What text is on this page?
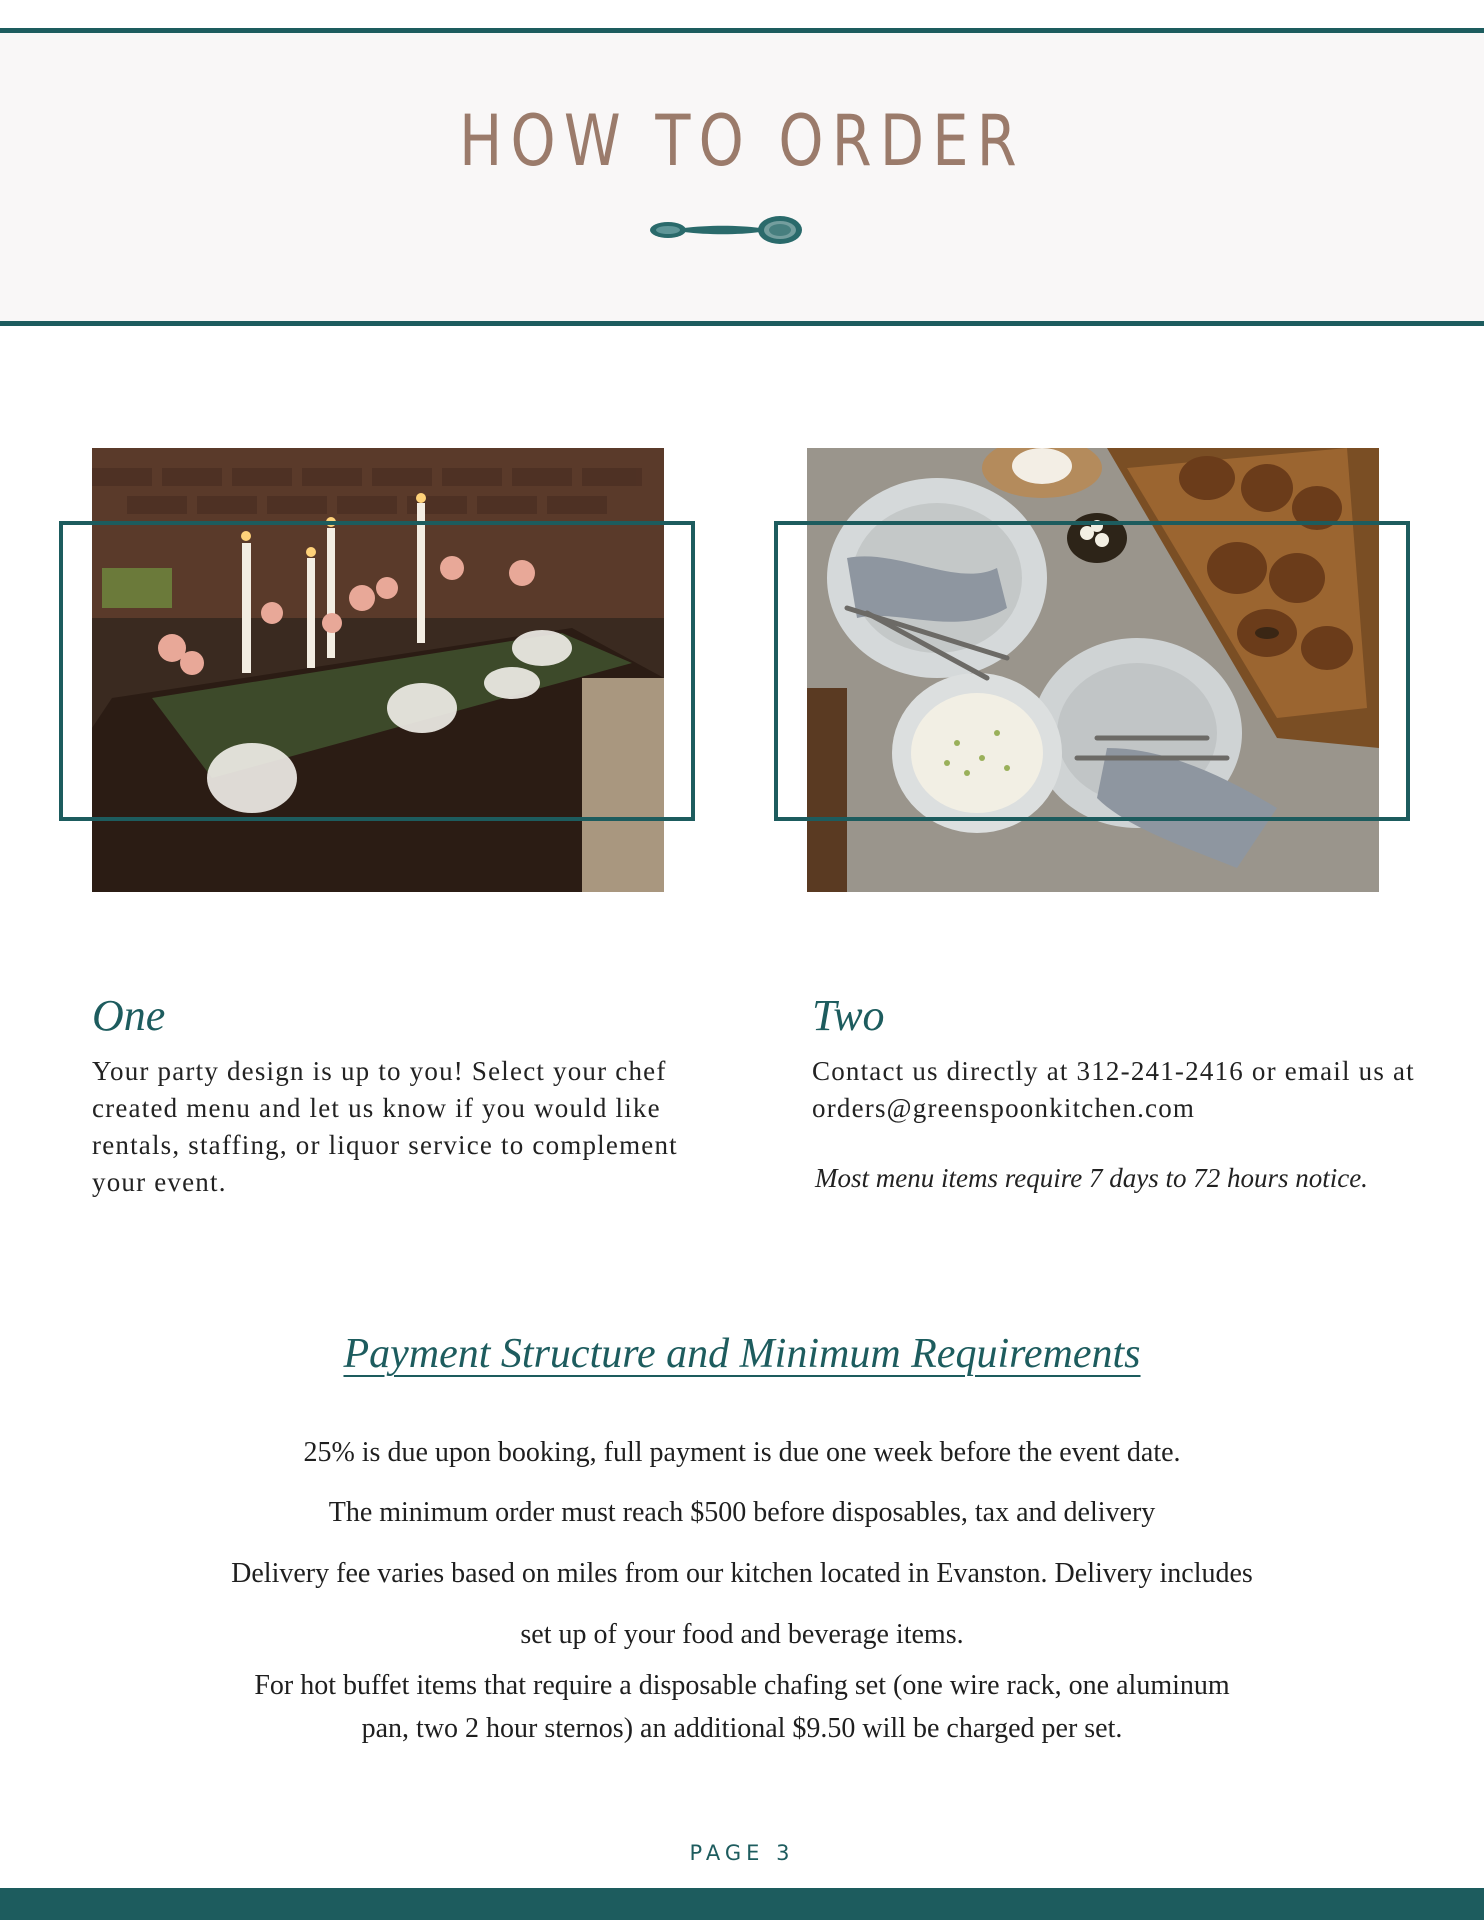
HOW TO ORDER
One

Your party design is up to you! Select your chef created menu and let us know if you would like rentals, staffing, or liquor service to complement your event.

Two

Contact us directly at 312-241-2416 or email us at orders@greenspoonkitchen.com

Most menu items require 7 days to 72 hours notice.

Payment Structure and Minimum Requirements

25% is due upon booking, full payment is due one week before the event date.

The minimum order must reach $500 before disposables, tax and delivery

Delivery fee varies based on miles from our kitchen located in Evanston. Delivery includes

set up of your food and beverage items.

For hot buffet items that require a disposable chafing set (one wire rack, one aluminum

pan, two 2 hour sternos) an additional $9.50 will be charged per set.

PAGE 3
